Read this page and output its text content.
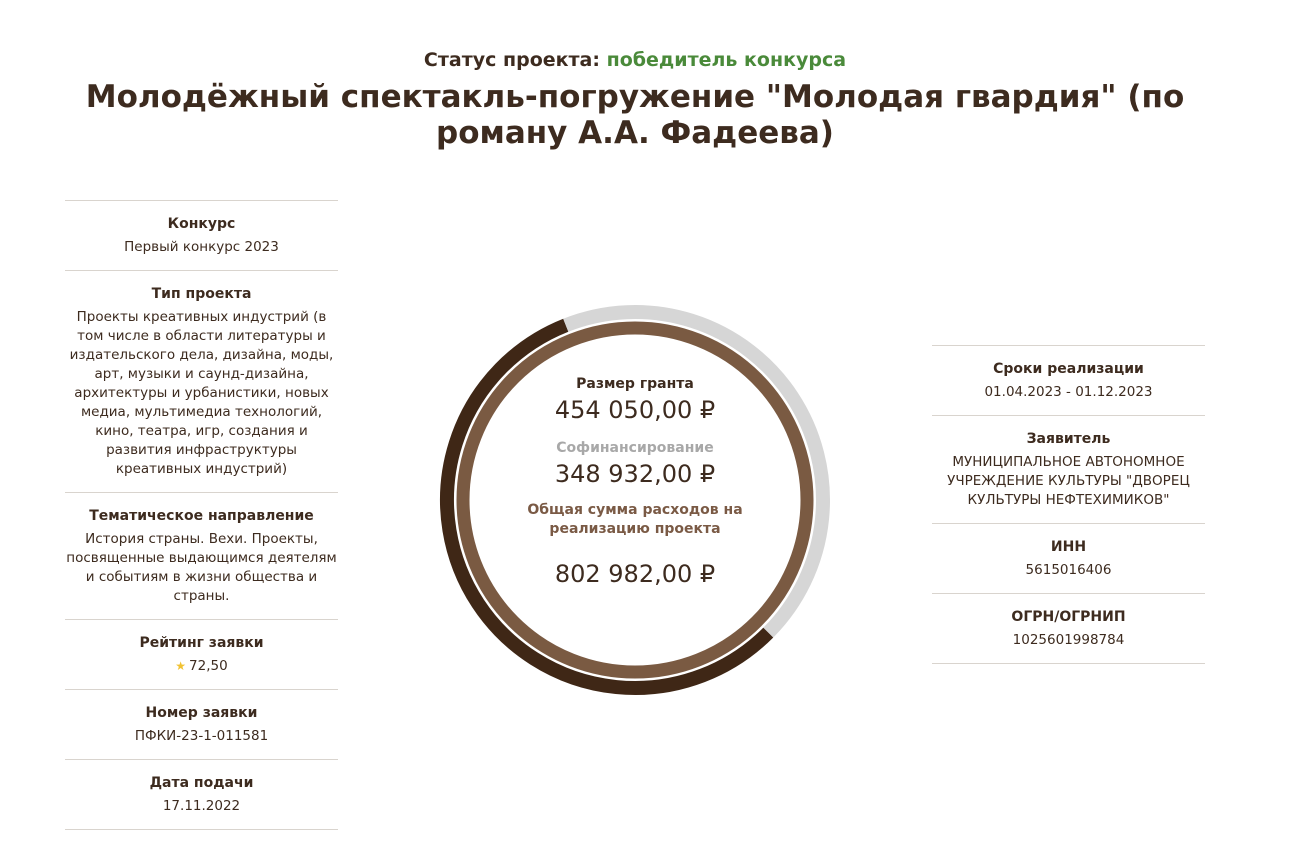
Статус проекта: победитель конкурса
Молодёжный спектакль-погружение "Молодая гвардия" (по роману А.А. Фадеева)
Конкурс
Первый конкурс 2023
Тип проекта
Проекты креативных индустрий (в том числе в области литературы и издательского дела, дизайна, моды, арт, музыки и саунд-дизайна, архитектуры и урбанистики, новых медиа, мультимедиа технологий, кино, театра, игр, создания и развития инфраструктуры креативных индустрий)
Тематическое направление
История страны. Вехи. Проекты, посвященные выдающимся деятелям и событиям в жизни общества и страны.
Рейтинг заявки
★ 72,50
Номер заявки
ПФКИ-23-1-011581
Дата подачи
17.11.2022
Размер гранта
454 050,00 ₽
Софинансирование
348 932,00 ₽
Общая сумма расходов на реализацию проекта
802 982,00 ₽
Сроки реализации
01.04.2023 - 01.12.2023
Заявитель
МУНИЦИПАЛЬНОЕ АВТОНОМНОЕ УЧРЕЖДЕНИЕ КУЛЬТУРЫ "ДВОРЕЦ КУЛЬТУРЫ НЕФТЕХИМИКОВ"
ИНН
5615016406
ОГРН/ОГРНИП
1025601998784
